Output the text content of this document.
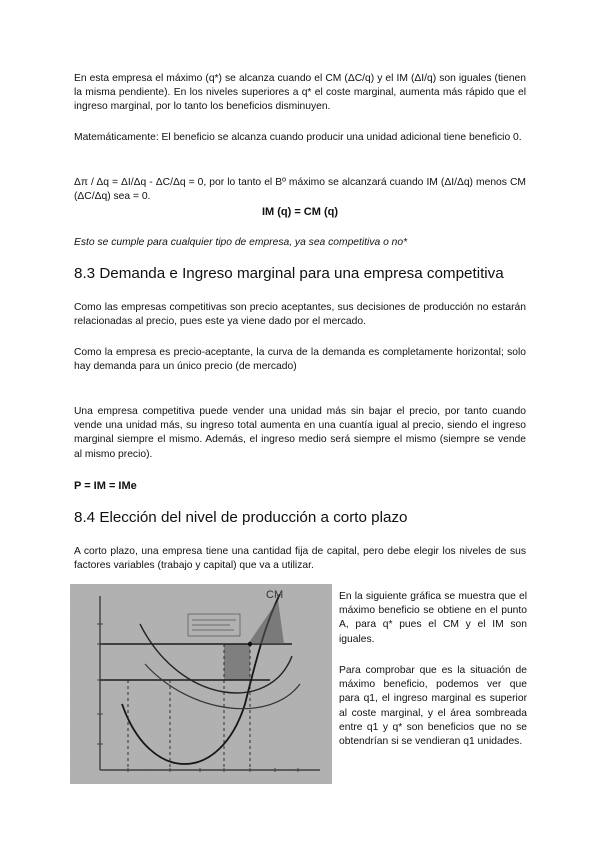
En esta empresa el máximo (q*) se alcanza cuando el CM (ΔC/q) y el IM (ΔI/q) son iguales (tienen la misma pendiente). En los niveles superiores a q* el coste marginal, aumenta más rápido que el ingreso marginal, por lo tanto los beneficios disminuyen.

Matemáticamente: El beneficio se alcanza cuando producir una unidad adicional tiene beneficio 0.

Δπ / Δq = ΔI/Δq - ΔC/Δq = 0, por lo tanto el Bº máximo se alcanzará cuando IM (ΔI/Δq) menos CM (ΔC/Δq) sea = 0.

IM (q) = CM (q)

Esto se cumple para cualquier tipo de empresa, ya sea competitiva o no*

8.3 Demanda e Ingreso marginal para una empresa competitiva

Como las empresas competitivas son precio aceptantes, sus decisiones de producción no estarán relacionadas al precio, pues este ya viene dado por el mercado.

Como la empresa es precio-aceptante, la curva de la demanda es completamente horizontal; solo hay demanda para un único precio (de mercado)

Una empresa competitiva puede vender una unidad más sin bajar el precio, por tanto cuando vende una unidad más, su ingreso total aumenta en una cuantía igual al precio, siendo el ingreso marginal siempre el mismo. Además, el ingreso medio será siempre el mismo (siempre se vende al mismo precio).

P = IM = IMe

8.4 Elección del nivel de producción a corto plazo

A corto plazo, una empresa tiene una cantidad fija de capital, pero debe elegir los niveles de sus factores variables (trabajo y capital) que va a utilizar.

CM	En la siguiente gráfica se muestra que el máximo beneficio se obtiene en el punto A, para q* pues el CM y el IM son iguales.
Para comprobar que es la situación de máximo beneficio, podemos ver que para q1, el ingreso marginal es superior al coste marginal, y el área sombreada entre q1 y q* son beneficios que no se obtendrían si se vendieran q1 unidades.
